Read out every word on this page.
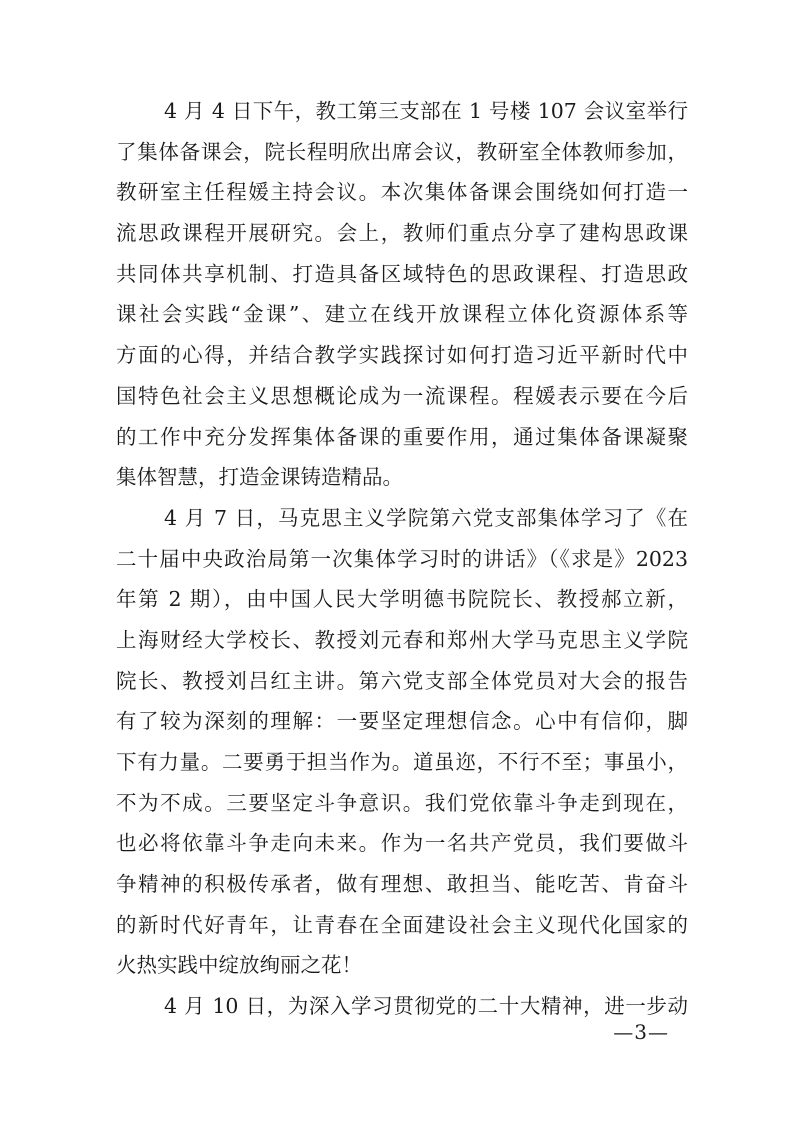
4 月 4 日下午，教工第三支部在 1 号楼 107 会议室举行
了集体备课会，院长程明欣出席会议，教研室全体教师参加，
教研室主任程媛主持会议。本次集体备课会围绕如何打造一
流思政课程开展研究。会上，教师们重点分享了建构思政课
共同体共享机制、打造具备区域特色的思政课程、打造思政
课社会实践“金课”、建立在线开放课程立体化资源体系等
方面的心得，并结合教学实践探讨如何打造习近平新时代中
国特色社会主义思想概论成为一流课程。程媛表示要在今后
的工作中充分发挥集体备课的重要作用，通过集体备课凝聚
集体智慧，打造金课铸造精品。
4 月 7 日，马克思主义学院第六党支部集体学习了《在
二十届中央政治局第一次集体学习时的讲话》（《求是》2023
年第 2 期），由中国人民大学明德书院院长、教授郝立新，
上海财经大学校长、教授刘元春和郑州大学马克思主义学院
院长、教授刘吕红主讲。第六党支部全体党员对大会的报告
有了较为深刻的理解：一要坚定理想信念。心中有信仰，脚
下有力量。二要勇于担当作为。道虽迩，不行不至；事虽小，
不为不成。三要坚定斗争意识。我们党依靠斗争走到现在，
也必将依靠斗争走向未来。作为一名共产党员，我们要做斗
争精神的积极传承者，做有理想、敢担当、能吃苦、肯奋斗
的新时代好青年，让青春在全面建设社会主义现代化国家的
火热实践中绽放绚丽之花！
4 月 10 日，为深入学习贯彻党的二十大精神，进一步动
—3—
